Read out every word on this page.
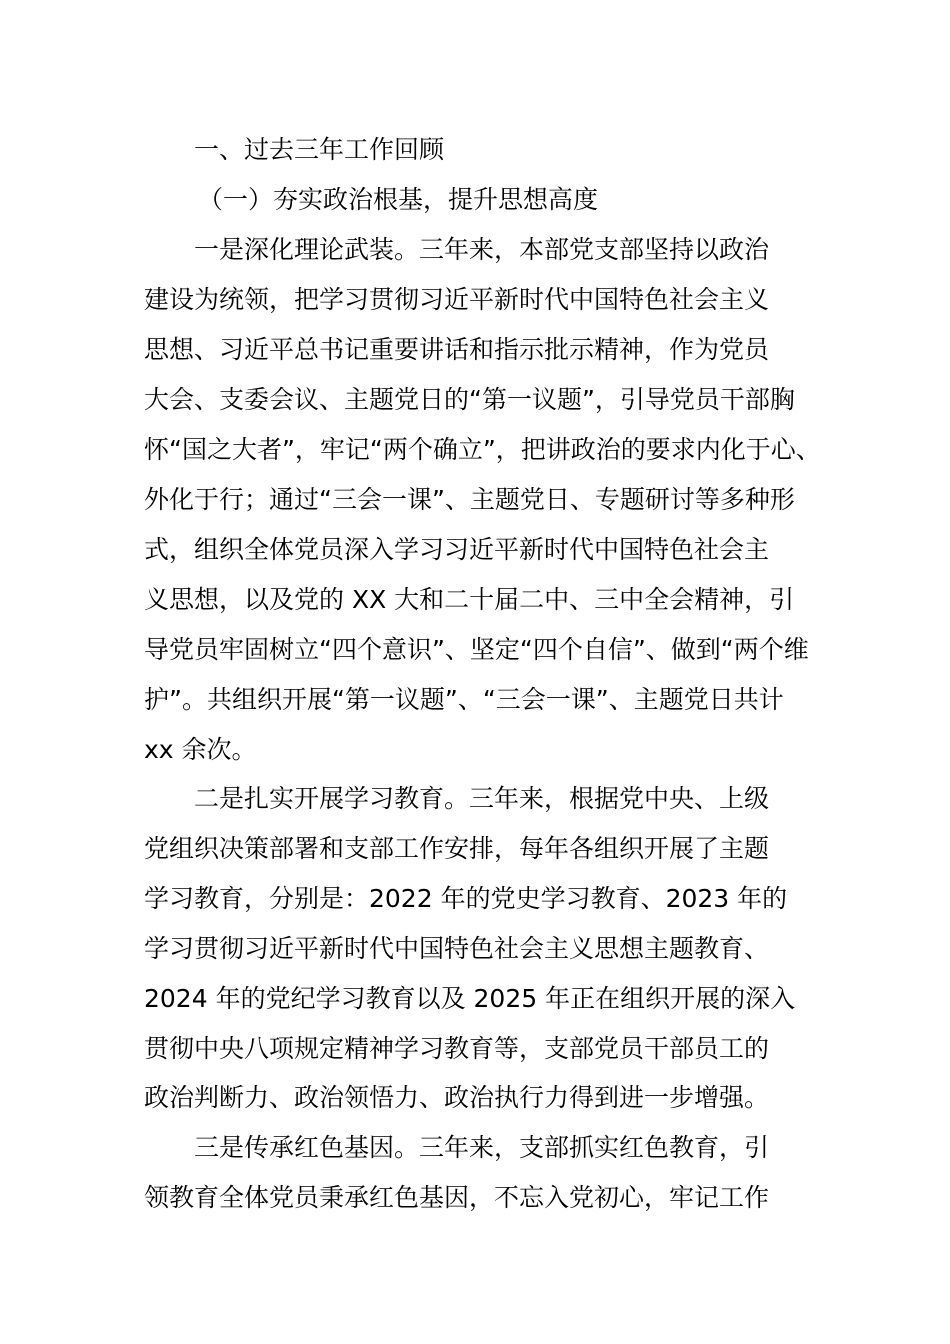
一、过去三年工作回顾
（一）夯实政治根基，提升思想高度
一是深化理论武装。三年来，本部党支部坚持以政治
建设为统领，把学习贯彻习近平新时代中国特色社会主义
思想、习近平总书记重要讲话和指示批示精神，作为党员
大会、支委会议、主题党日的“第一议题”，引导党员干部胸
怀“国之大者”，牢记“两个确立”，把讲政治的要求内化于心、
外化于行；通过“三会一课”、主题党日、专题研讨等多种形
式，组织全体党员深入学习习近平新时代中国特色社会主
义思想，以及党的 XX 大和二十届二中、三中全会精神，引
导党员牢固树立“四个意识”、坚定“四个自信”、做到“两个维
护”。共组织开展“第一议题”、“三会一课”、主题党日共计
xx 余次。
二是扎实开展学习教育。三年来，根据党中央、上级
党组织决策部署和支部工作安排，每年各组织开展了主题
学习教育，分别是：2022 年的党史学习教育、2023 年的
学习贯彻习近平新时代中国特色社会主义思想主题教育、
2024 年的党纪学习教育以及 2025 年正在组织开展的深入
贯彻中央八项规定精神学习教育等，支部党员干部员工的
政治判断力、政治领悟力、政治执行力得到进一步增强。
三是传承红色基因。三年来，支部抓实红色教育，引
领教育全体党员秉承红色基因，不忘入党初心，牢记工作
